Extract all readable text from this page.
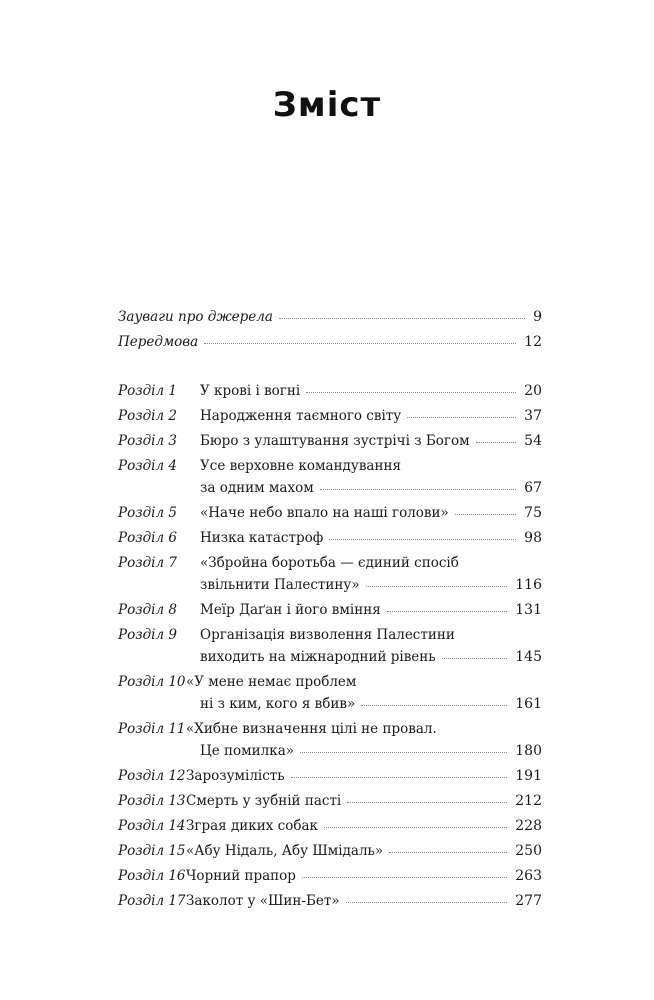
Зміст
Зауваги про джерела	9
Передмова	12
Розділ 1 У крові і вогні	20
Розділ 2 Народження таємного світу	37
Розділ 3 Бюро з улаштування зустрічі з Богом	54
Розділ 4 Усе верховне командування
за одним махом	67
Розділ 5 «Наче небо впало на наші голови»	75
Розділ 6 Низка катастроф	98
Розділ 7 «Збройна боротьба — єдиний спосіб
звільнити Палестину»	116
Розділ 8 Меїр Даґан і його вміння	131
Розділ 9 Організація визволення Палестини
виходить на міжнародний рівень	145
Розділ 10 «У мене немає проблем
ні з ким, кого я вбив»	161
Розділ 11 «Хибне визначення цілі не провал.
Це помилка»	180
Розділ 12 Зарозумілість	191
Розділ 13 Смерть у зубній пасті	212
Розділ 14 Зграя диких собак	228
Розділ 15 «Абу Нідаль, Абу Шмідаль»	250
Розділ 16 Чорний прапор	263
Розділ 17 Заколот у «Шин-Бет»	277
